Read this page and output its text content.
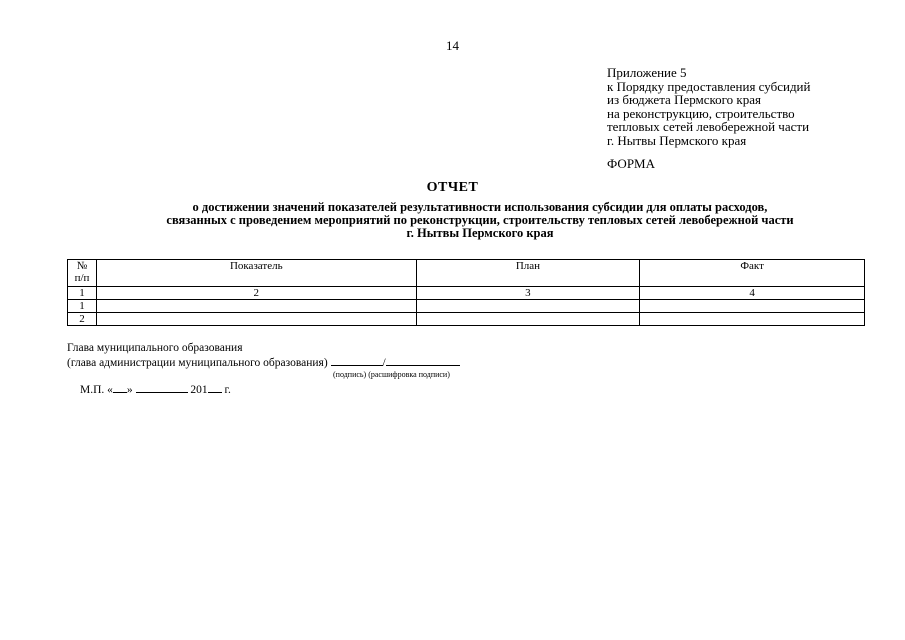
14
Приложение 5
к Порядку предоставления субсидий
из бюджета Пермского края
на реконструкцию, строительство
тепловых сетей левобережной части
г. Нытвы Пермского края
ФОРМА
ОТЧЕТ
о достижении значений показателей результативности использования субсидии для оплаты расходов,
связанных с проведением мероприятий по реконструкции, строительству тепловых сетей левобережной части
г. Нытвы Пермского края
№ п/п	Показатель	План	Факт
1	2	3	4
1			
2			
Глава муниципального образования
(глава администрации муниципального образования)	/
(подпись) (расшифровка подписи)
М.П. « »	201 г.
